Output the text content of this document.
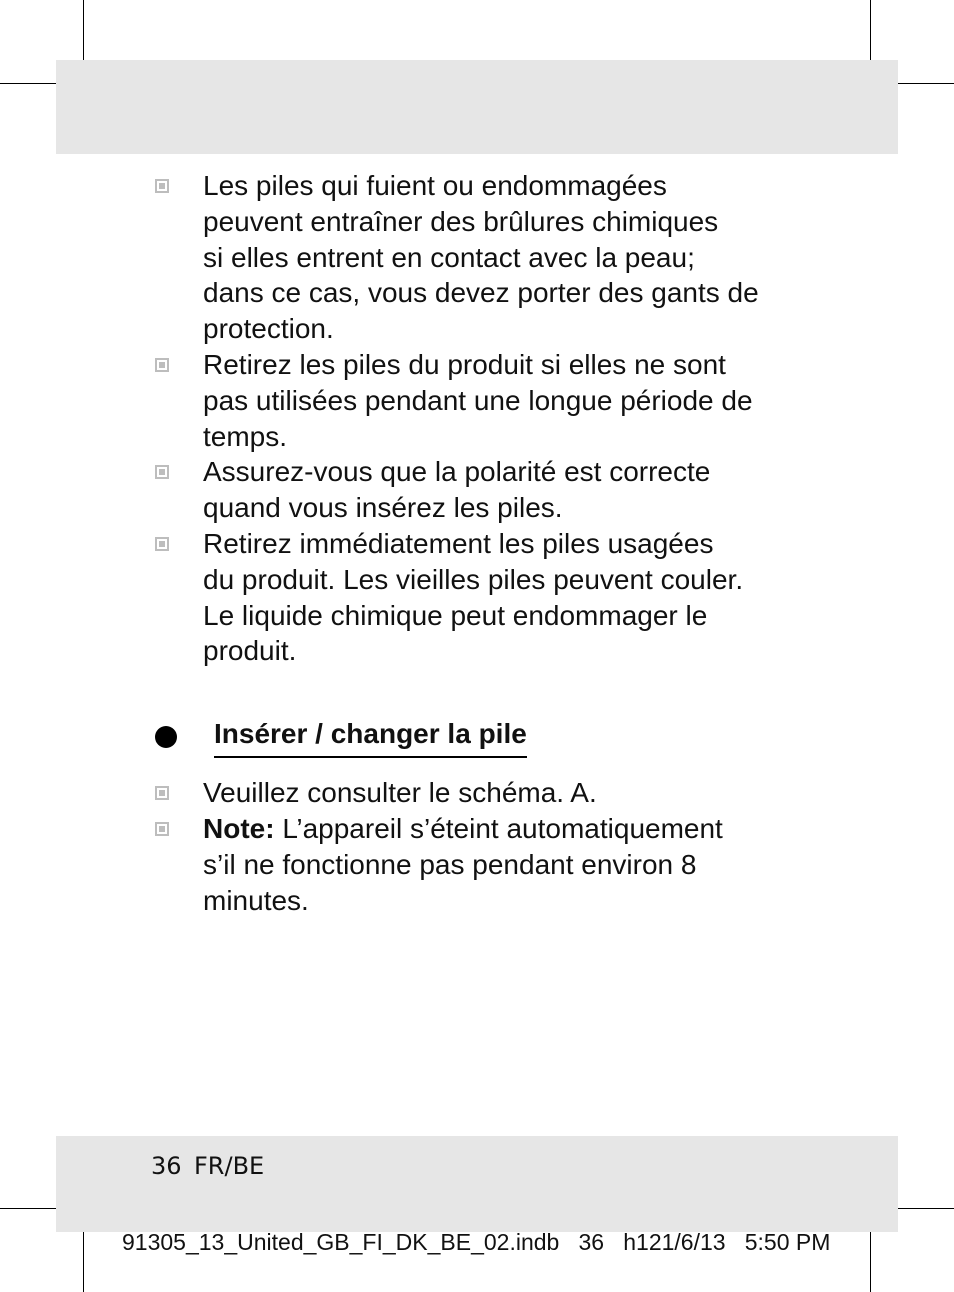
Les piles qui fuient ou endommagées
peuvent entraîner des brûlures chimiques
si elles entrent en contact avec la peau;
dans ce cas, vous devez porter des gants de
protection.
Retirez les piles du produit si elles ne sont
pas utilisées pendant une longue période de
temps.
Assurez-vous que la polarité est correcte
quand vous insérez les piles.
Retirez immédiatement les piles usagées
du produit. Les vieilles piles peuvent couler.
Le liquide chimique peut endommager le
produit.
Insérer / changer la pile
Veuillez consulter le schéma. A.
Note: L’appareil s’éteint automatiquement
s’il ne fonctionne pas pendant environ 8
minutes.
36 FR/BE
91305_13_United_GB_FI_DK_BE_02.indb   36   h121/6/13   5:50 PM
